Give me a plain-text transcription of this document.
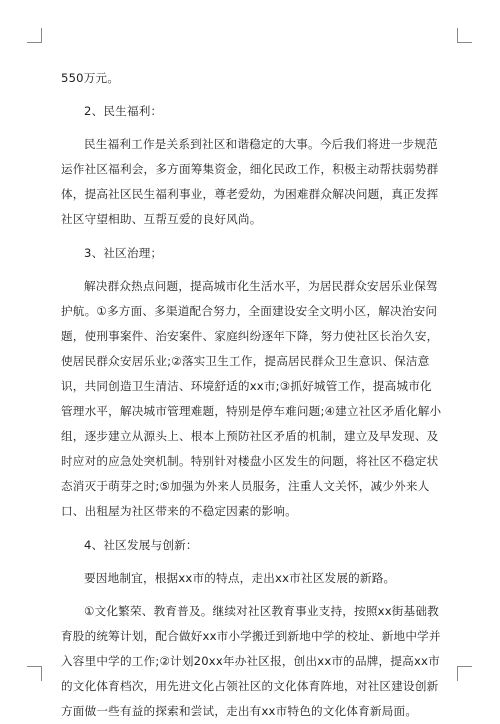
550万元。

2、民生福利：

民生福利工作是关系到社区和谐稳定的大事。今后我们将进一步规范运作社区福利会，多方面筹集资金，细化民政工作，积极主动帮扶弱势群体，提高社区民生福利事业，尊老爱幼，为困难群众解决问题，真正发挥社区守望相助、互帮互爱的良好风尚。

3、社区治理；

解决群众热点问题，提高城市化生活水平，为居民群众安居乐业保驾护航。①多方面、多渠道配合努力，全面建设安全文明小区，解决治安问题，使刑事案件、治安案件、家庭纠纷逐年下降，努力使社区长治久安，使居民群众安居乐业;②落实卫生工作，提高居民群众卫生意识、保洁意识，共同创造卫生清洁、环境舒适的xx市;③抓好城管工作，提高城市化管理水平，解决城市管理难题，特别是停车难问题;④建立社区矛盾化解小组，逐步建立从源头上、根本上预防社区矛盾的机制，建立及早发现、及时应对的应急处突机制。特别针对楼盘小区发生的问题，将社区不稳定状态消灭于萌芽之时;⑤加强为外来人员服务，注重人文关怀，减少外来人口、出租屋为社区带来的不稳定因素的影响。

4、社区发展与创新：

要因地制宜，根据xx市的特点，走出xx市社区发展的新路。

①文化繁荣、教育普及。继续对社区教育事业支持，按照xx街基础教育股的统筹计划，配合做好xx市小学搬迁到新地中学的校址、新地中学并入容里中学的工作;②计划20xx年办社区报，创出xx市的品牌，提高xx市的文化体育档次，用先进文化占领社区的文化体育阵地，对社区建设创新方面做一些有益的探索和尝试，走出有xx市特色的文化体育新局面。
